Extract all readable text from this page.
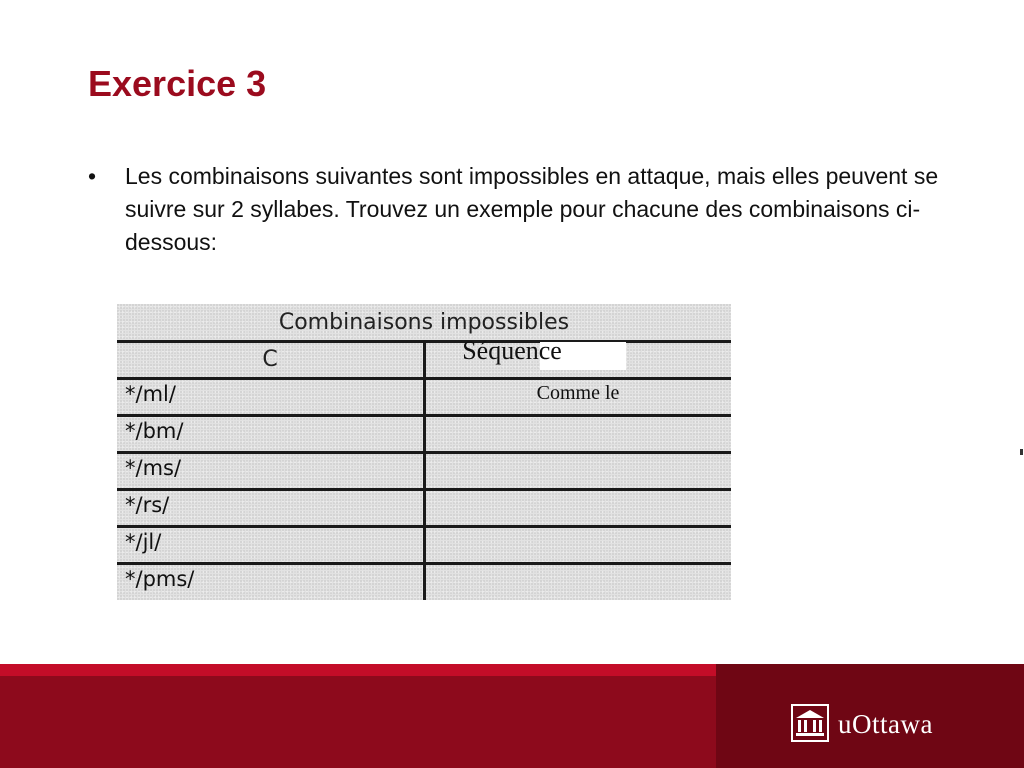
Exercice 3
•	Les combinaisons suivantes sont impossibles en attaque, mais elles peuvent se suivre sur 2 syllabes. Trouvez un exemple pour chacune des combinaisons ci-dessous:
Combinaisons impossibles
C
*/ml/
*/bm/
*/ms/
*/rs/
*/jl/
*/pms/
Séquence
Comme le
uOttawa
